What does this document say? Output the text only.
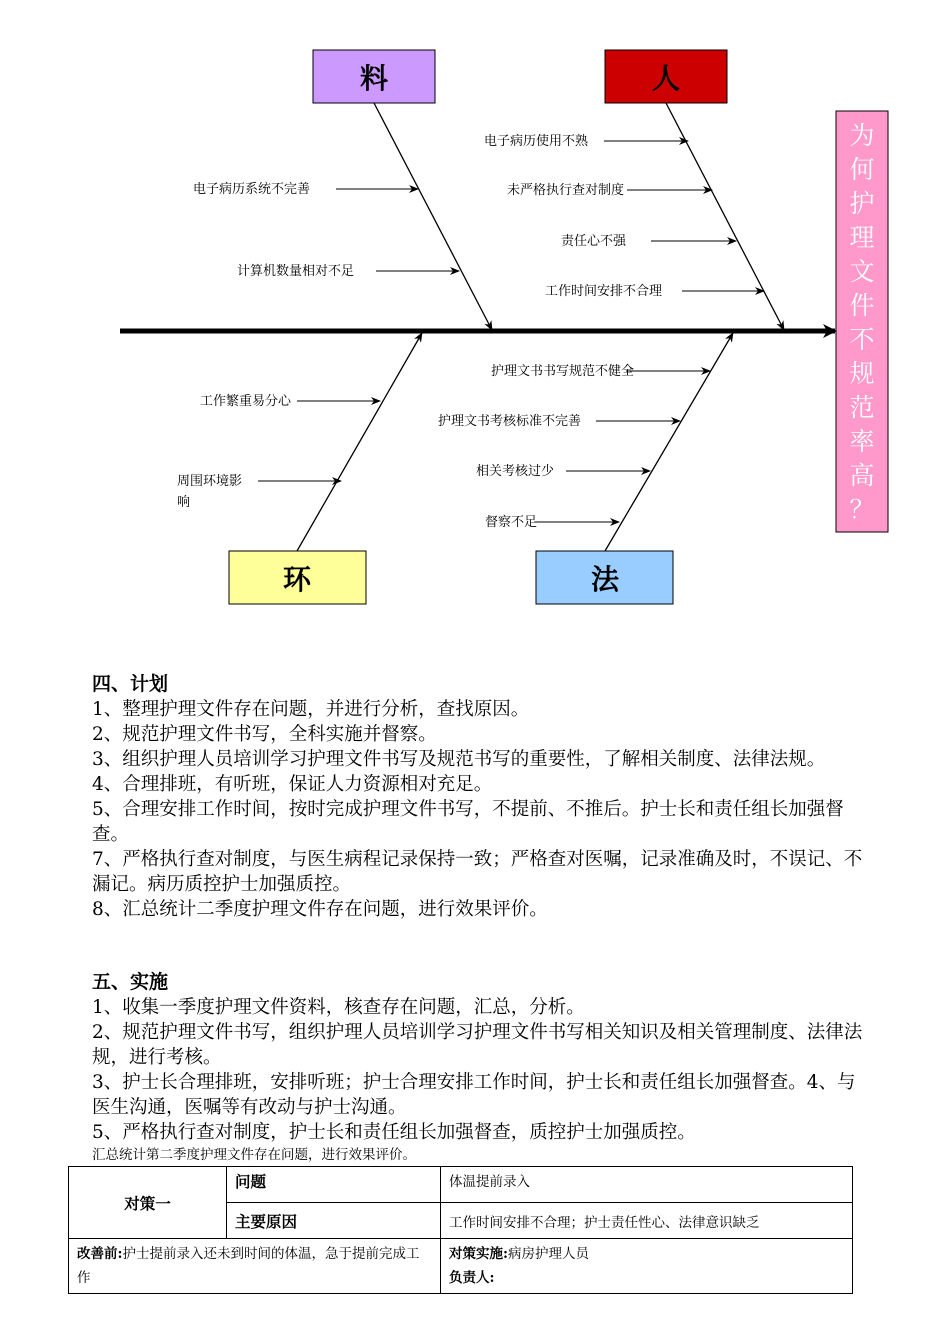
料	人
环	法
为
何
护
理
文
件
不
规
范
率
高
？
电子病历系统不完善
计算机数量相对不足
电子病历使用不熟
未严格执行查对制度
责任心不强
工作时间安排不合理
工作繁重易分心
周围环境影
响
护理文书书写规范不健全
护理文书考核标准不完善
相关考核过少
督察不足
四、计划

1、整理护理文件存在问题，并进行分析，查找原因。

2、规范护理文件书写，全科实施并督察。

3、组织护理人员培训学习护理文件书写及规范书写的重要性，了解相关制度、法律法规。

4、合理排班，有听班，保证人力资源相对充足。

5、合理安排工作时间，按时完成护理文件书写，不提前、不推后。护士长和责任组长加强督查。

7、严格执行查对制度，与医生病程记录保持一致；严格查对医嘱，记录准确及时，不误记、不漏记。病历质控护士加强质控。

8、汇总统计二季度护理文件存在问题，进行效果评价。

五、实施

1、收集一季度护理文件资料，核查存在问题，汇总，分析。

2、规范护理文件书写，组织护理人员培训学习护理文件书写相关知识及相关管理制度、法律法规，进行考核。

3、护士长合理排班，安排听班；护士合理安排工作时间，护士长和责任组长加强督查。4、与医生沟通，医嘱等有改动与护士沟通。

5、严格执行查对制度，护士长和责任组长加强督查，质控护士加强质控。

汇总统计第二季度护理文件存在问题，进行效果评价。
对策一	问题	体温提前录入
	主要原因	工作时间安排不合理；护士责任性心、法律意识缺乏
改善前:护士提前录入还未到时间的体温，急于提前完成工作		对策实施:病房护理人员
负责人:
